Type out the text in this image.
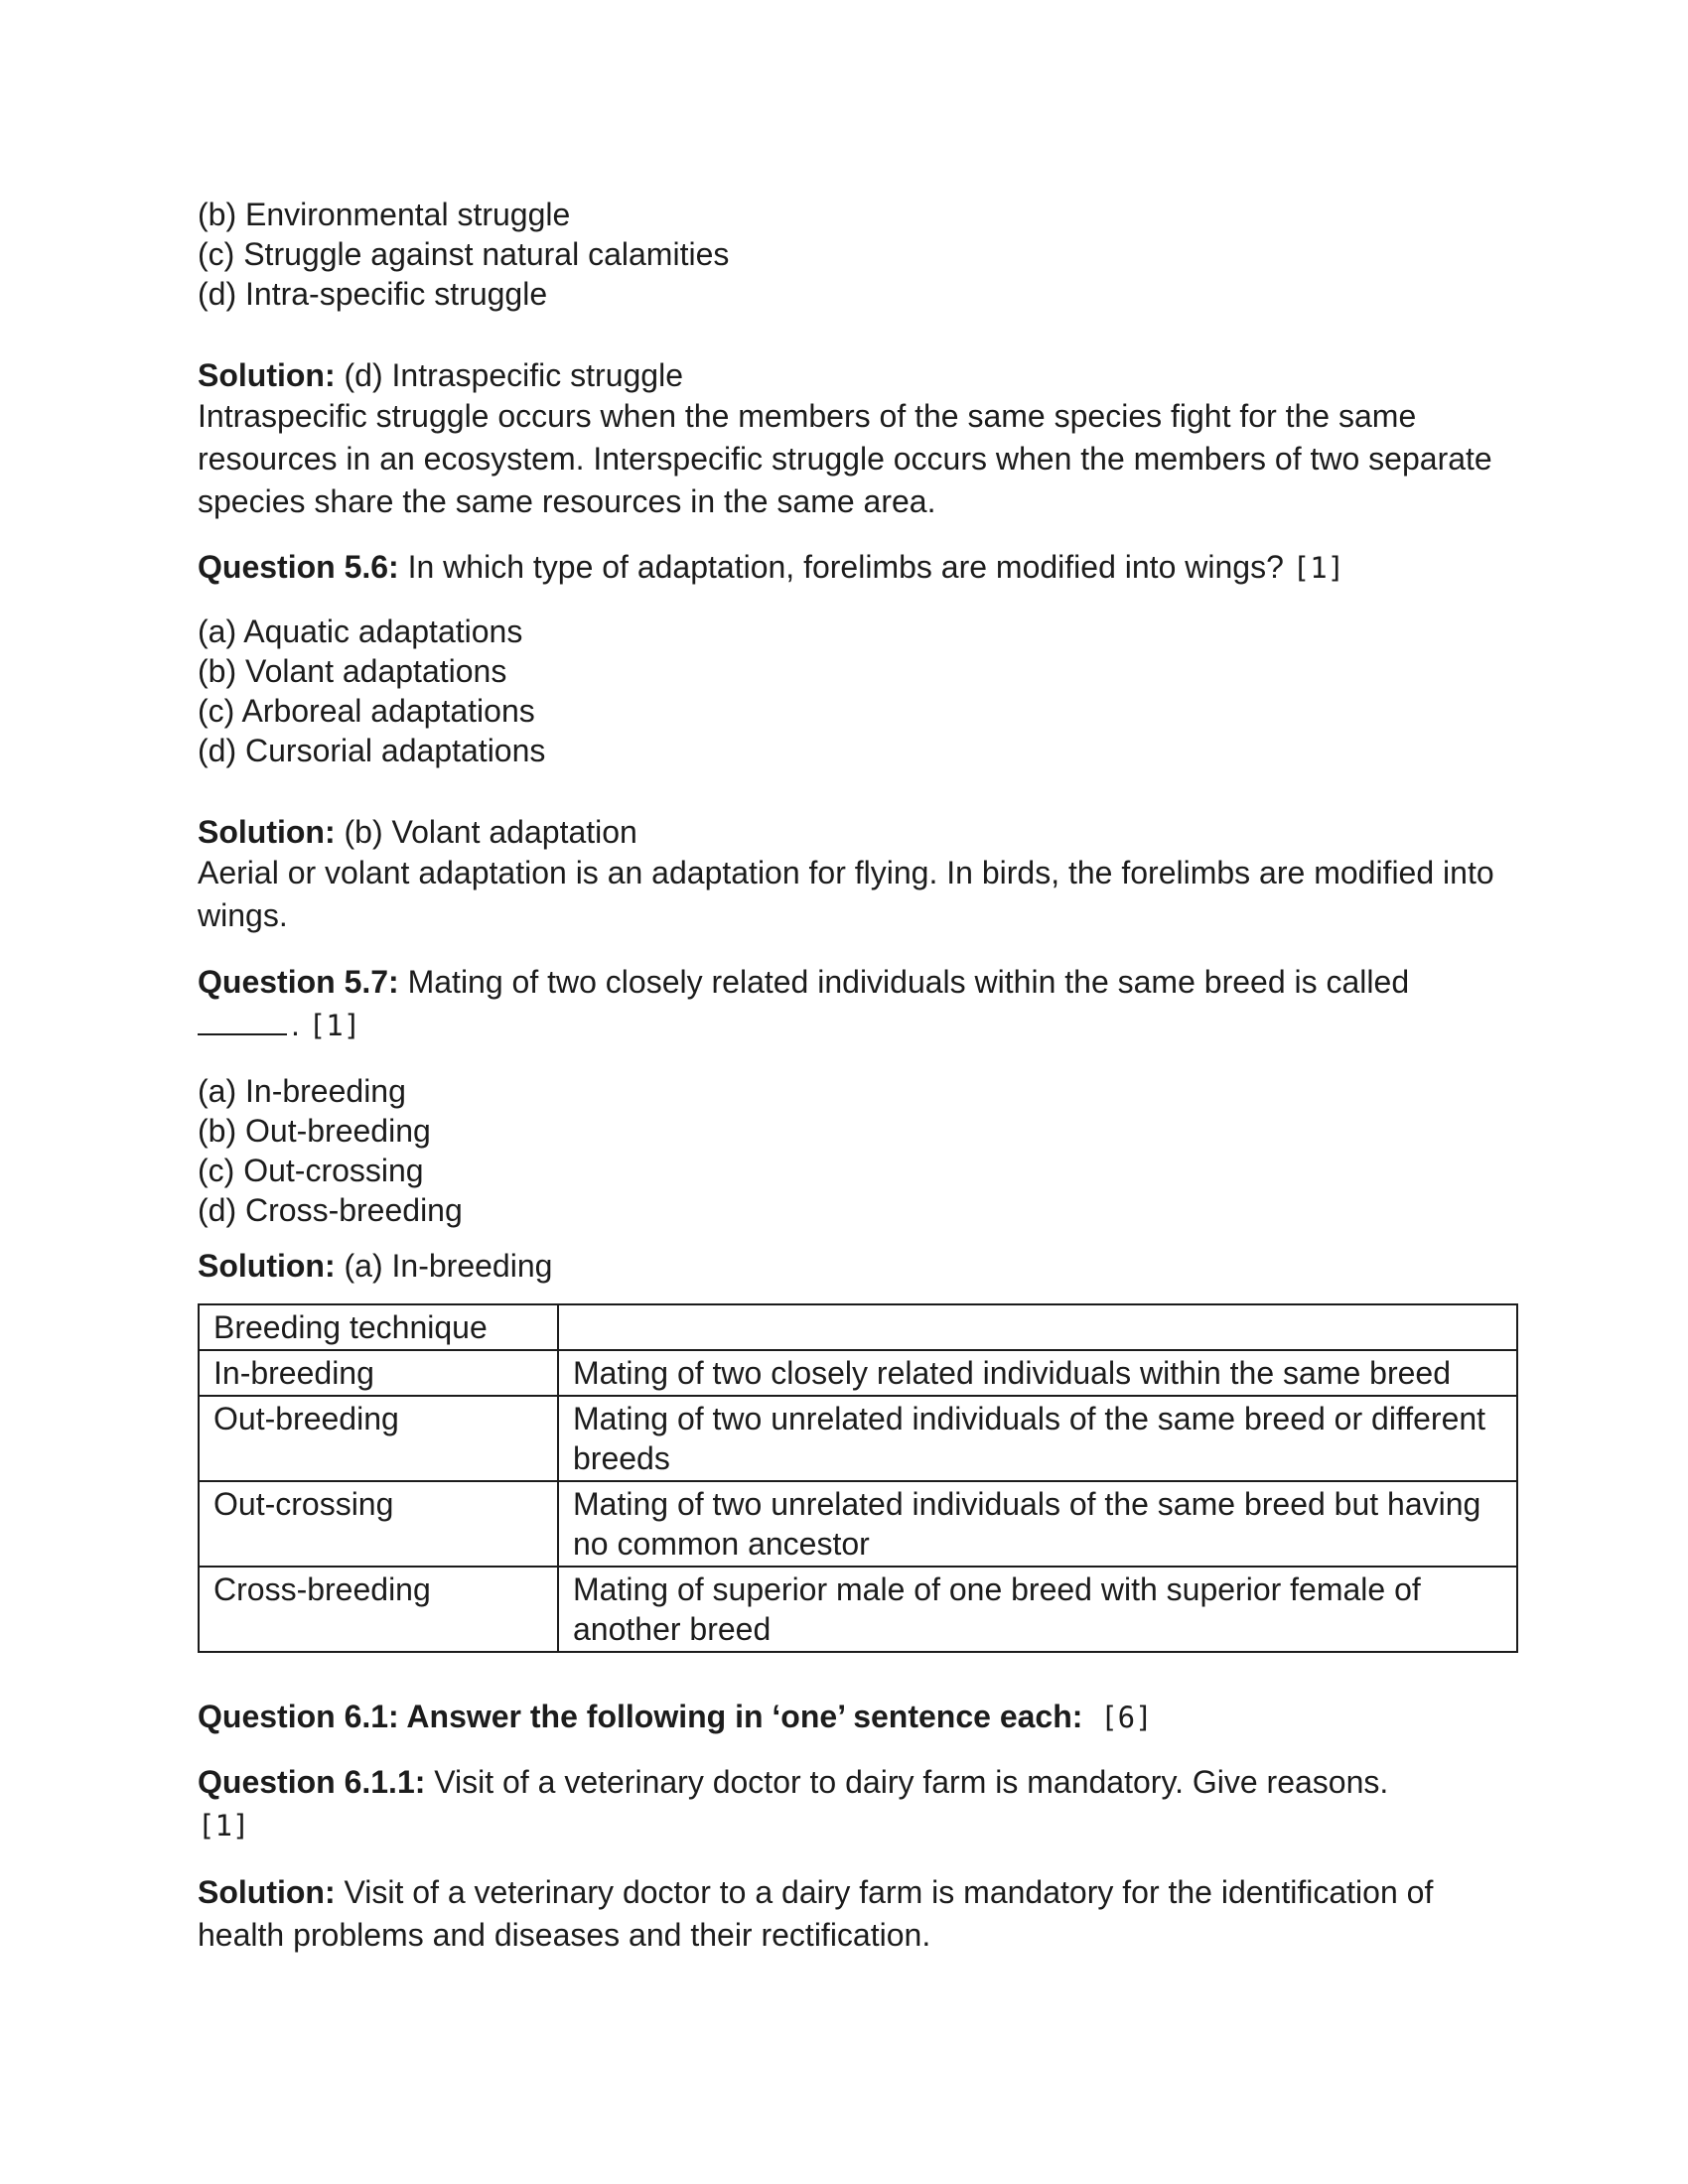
(b) Environmental struggle
(c) Struggle against natural calamities
(d) Intra-specific struggle
Solution: (d) Intraspecific struggle

Intraspecific struggle occurs when the members of the same species fight for the same resources in an ecosystem. Interspecific struggle occurs when the members of two separate species share the same resources in the same area.

Question 5.6: In which type of adaptation, forelimbs are modified into wings? [1]
(a) Aquatic adaptations
(b) Volant adaptations
(c) Arboreal adaptations
(d) Cursorial adaptations
Solution: (b) Volant adaptation

Aerial or volant adaptation is an adaptation for flying. In birds, the forelimbs are modified into wings.

Question 5.7: Mating of two closely related individuals within the same breed is called
. [1]
(a) In-breeding
(b) Out-breeding
(c) Out-crossing
(d) Cross-breeding
Solution: (a) In-breeding
Breeding technique	
In-breeding	Mating of two closely related individuals within the same breed
Out-breeding	Mating of two unrelated individuals of the same breed or different breeds
Out-crossing	Mating of two unrelated individuals of the same breed but having no common ancestor
Cross-breeding	Mating of superior male of one breed with superior female of another breed
Question 6.1: Answer the following in ‘one’ sentence each: [6]
Question 6.1.1: Visit of a veterinary doctor to dairy farm is mandatory. Give reasons.
[1]

Solution: Visit of a veterinary doctor to a dairy farm is mandatory for the identification of health problems and diseases and their rectification.
